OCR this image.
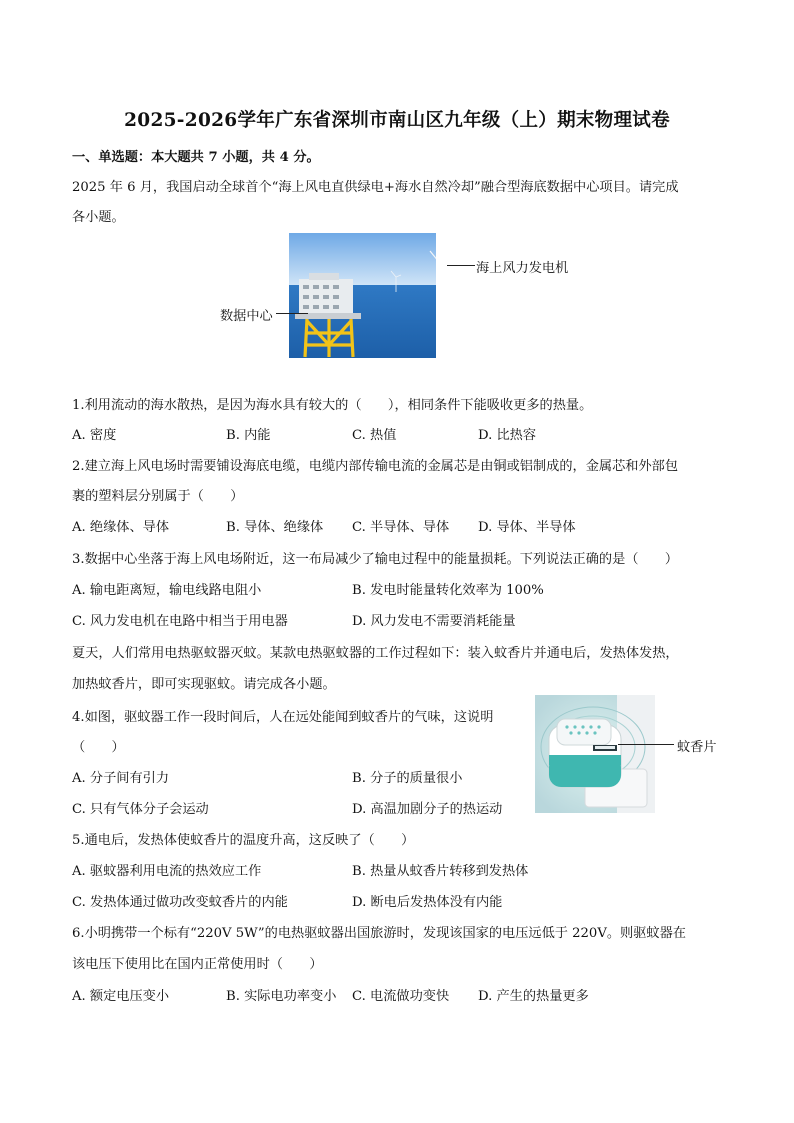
2025-2026学年广东省深圳市南山区九年级（上）期末物理试卷
一、单选题：本大题共 7 小题，共 4 分。
2025 年 6 月，我国启动全球首个“海上风电直供绿电+海水自然冷却”融合型海底数据中心项目。请完成
各小题。
海上风力发电机
数据中心
1.利用流动的海水散热，是因为海水具有较大的（　　），相同条件下能吸收更多的热量。
A. 密度	B. 内能	C. 热值	D. 比热容
2.建立海上风电场时需要铺设海底电缆，电缆内部传输电流的金属芯是由铜或铝制成的，金属芯和外部包
裹的塑料层分别属于（　　）
A. 绝缘体、导体	B. 导体、绝缘体 C. 半导体、导体 D. 导体、半导体
3.数据中心坐落于海上风电场附近，这一布局减少了输电过程中的能量损耗。下列说法正确的是（　　）
A. 输电距离短，输电线路电阻小	B. 发电时能量转化效率为 100%
C. 风力发电机在电路中相当于用电器	D. 风力发电不需要消耗能量
夏天，人们常用电热驱蚊器灭蚊。某款电热驱蚊器的工作过程如下：装入蚊香片并通电后，发热体发热，
加热蚊香片，即可实现驱蚊。请完成各小题。
蚊香片
4.如图，驱蚊器工作一段时间后，人在远处能闻到蚊香片的气味，这说明
（　　）
A. 分子间有引力	B. 分子的质量很小
C. 只有气体分子会运动	D. 高温加剧分子的热运动
5.通电后，发热体使蚊香片的温度升高，这反映了（　　）
A. 驱蚊器利用电流的热效应工作	B. 热量从蚊香片转移到发热体
C. 发热体通过做功改变蚊香片的内能	D. 断电后发热体没有内能
6.小明携带一个标有“220V 5W”的电热驱蚊器出国旅游时，发现该国家的电压远低于 220V。则驱蚊器在
该电压下使用比在国内正常使用时（　　）
A. 额定电压变小	B. 实际电功率变小 C. 电流做功变快 D. 产生的热量更多
